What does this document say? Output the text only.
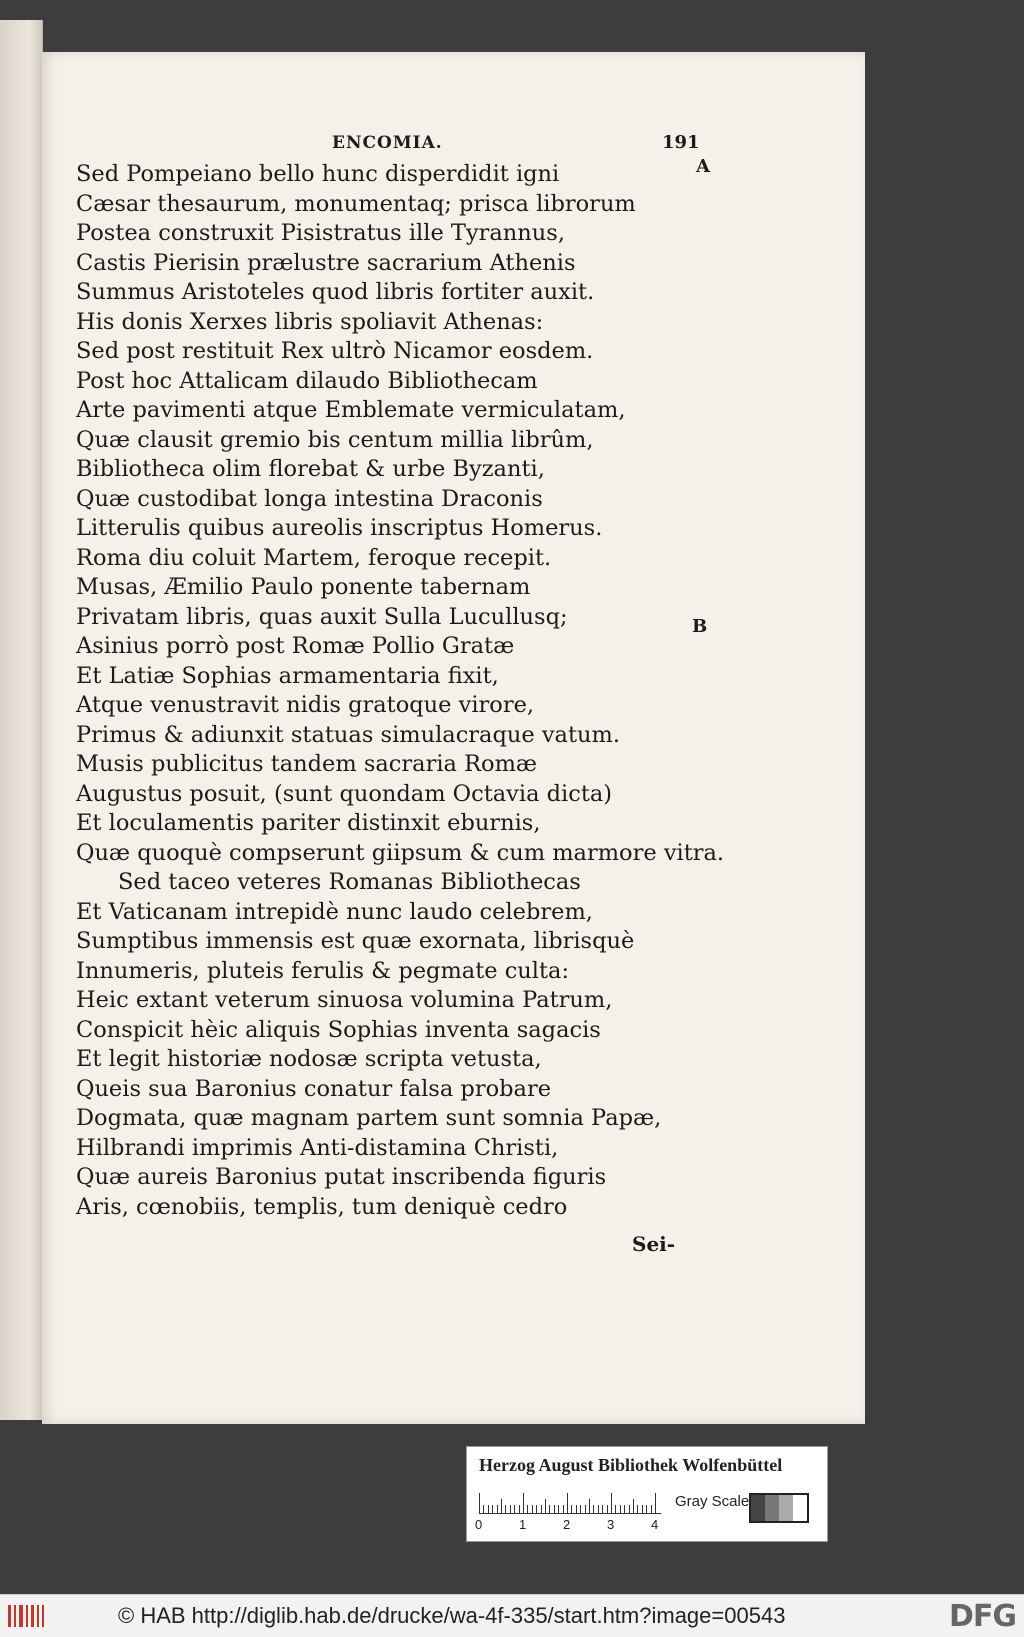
ENCOMIA.	191
A
B
Sed Pompeiano bello hunc disperdidit igni
Cæsar thesaurum, monumentaq; prisca librorum
Postea construxit Pisistratus ille Tyrannus,
Castis Pierisin prælustre sacrarium Athenis
Summus Aristoteles quod libris fortiter auxit.
His donis Xerxes libris spoliavit Athenas:
Sed post restituit Rex ultrò Nicamor eosdem.
Post hoc Attalicam dilaudo Bibliothecam
Arte pavimenti atque Emblemate vermiculatam,
Quæ clausit gremio bis centum millia librûm,
Bibliotheca olim florebat & urbe Byzanti,
Quæ custodibat longa intestina Draconis
Litterulis quibus aureolis inscriptus Homerus.
Roma diu coluit Martem, feroque recepit.
Musas, Æmilio Paulo ponente tabernam
Privatam libris, quas auxit Sulla Lucullusq;
Asinius porrò post Romæ Pollio Gratæ
Et Latiæ Sophias armamentaria fixit,
Atque venustravit nidis gratoque virore,
Primus & adiunxit statuas simulacraque vatum.
Musis publicitus tandem sacraria Romæ
Augustus posuit, (sunt quondam Octavia dicta)
Et loculamentis pariter distinxit eburnis,
Quæ quoquè compserunt giipsum & cum marmore vitra.
Sed taceo veteres Romanas Bibliothecas
Et Vaticanam intrepidè nunc laudo celebrem,
Sumptibus immensis est quæ exornata, librisquè
Innumeris, pluteis ferulis & pegmate culta:
Heic extant veterum sinuosa volumina Patrum,
Conspicit hèic aliquis Sophias inventa sagacis
Et legit historiæ nodosæ scripta vetusta,
Queis sua Baronius conatur falsa probare
Dogmata, quæ magnam partem sunt somnia Papæ,
Hilbrandi imprimis Anti-distamina Christi,
Quæ aureis Baronius putat inscribenda figuris
Aris, cœnobiis, templis, tum deniquè cedro
Sei-
Herzog August Bibliothek Wolfenbüttel
0	1	2	3	4
Gray Scale
© HAB http://diglib.hab.de/drucke/wa-4f-335/start.htm?image=00543	DFG
